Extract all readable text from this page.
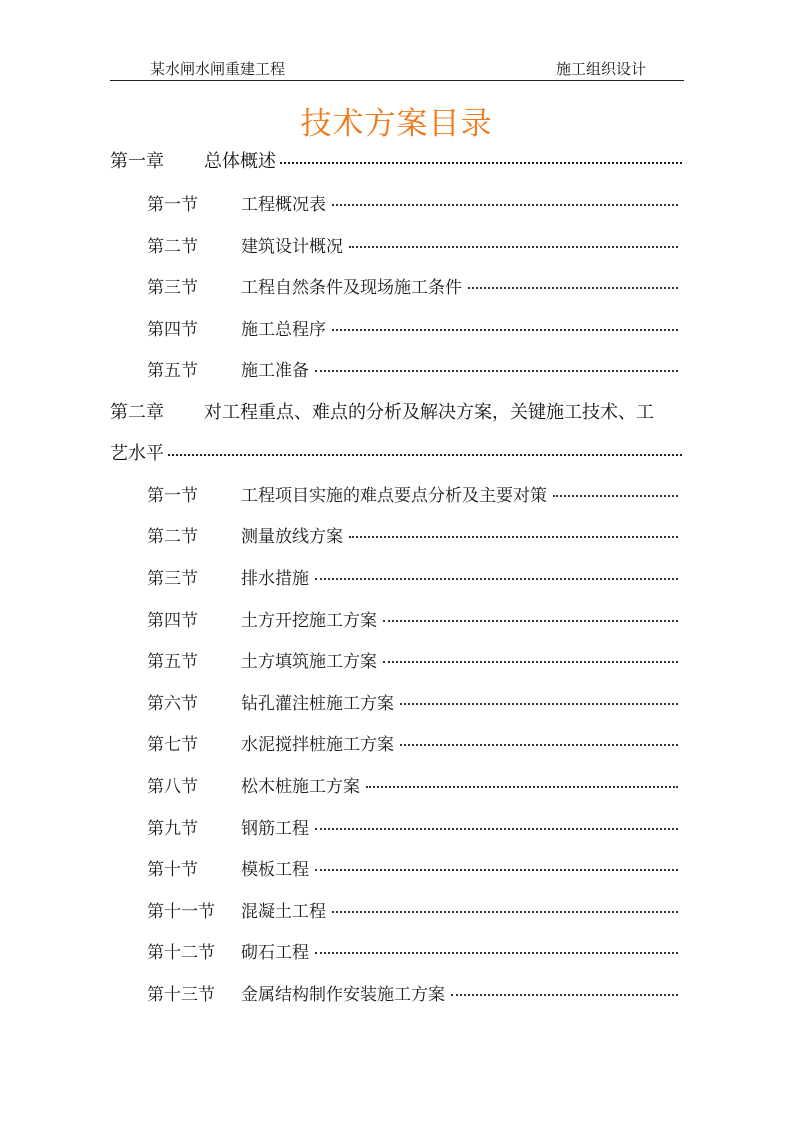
某水闸水闸重建工程	施工组织设计
技术方案目录
第一章	总体概述
第一节	工程概况表
第二节	建筑设计概况
第三节	工程自然条件及现场施工条件
第四节	施工总程序
第五节	施工准备
第二章 对工程重点、难点的分析及解决方案，关键施工技术、工
艺水平
第一节	工程项目实施的难点要点分析及主要对策
第二节	测量放线方案
第三节	排水措施
第四节	土方开挖施工方案
第五节	土方填筑施工方案
第六节	钻孔灌注桩施工方案
第七节	水泥搅拌桩施工方案
第八节	松木桩施工方案
第九节	钢筋工程
第十节	模板工程
第十一节	混凝土工程
第十二节	砌石工程
第十三节	金属结构制作安装施工方案
